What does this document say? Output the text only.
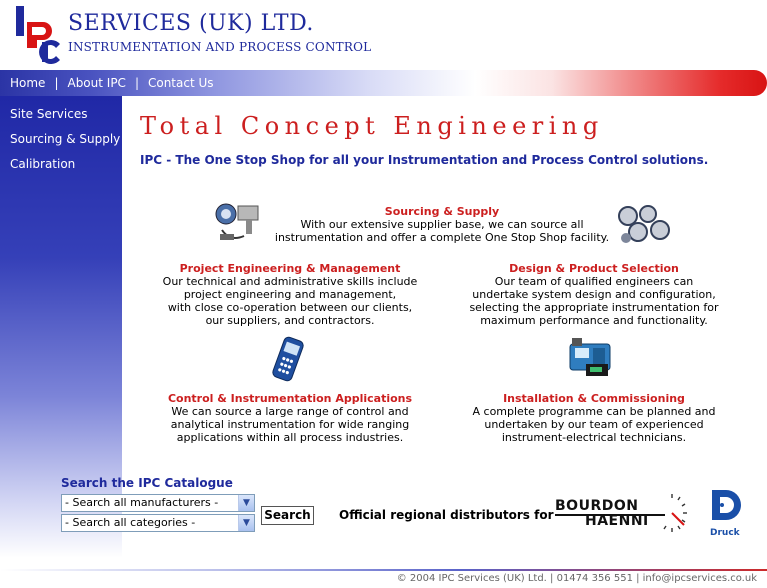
SERVICES (UK) LTD.
INSTRUMENTATION AND PROCESS CONTROL
Home | About IPC | Contact Us
Site Services
Sourcing & Supply
Calibration
Total Concept Engineering
IPC - The One Stop Shop for all your Instrumentation and Process Control solutions.
Sourcing & Supply
With our extensive supplier base, we can source all
instrumentation and offer a complete One Stop Shop facility.
Project Engineering & Management
Our technical and administrative skills include
project engineering and management,
with close co-operation between our clients,
our suppliers, and contractors.
Design & Product Selection
Our team of qualified engineers can
undertake system design and configuration,
selecting the appropriate instrumentation for
maximum performance and functionality.
Control & Instrumentation Applications
We can source a large range of control and
analytical instrumentation for wide ranging
applications within all process industries.
Installation & Commissioning
A complete programme can be planned and
undertaken by our team of experienced
instrument-electrical technicians.
Search the IPC Catalogue
- Search all manufacturers -	▼
- Search all categories -	▼
Search Official regional distributors for
BOURDON
HAENNI
Druck
© 2004 IPC Services (UK) Ltd. | 01474 356 551 | info@ipcservices.co.uk
